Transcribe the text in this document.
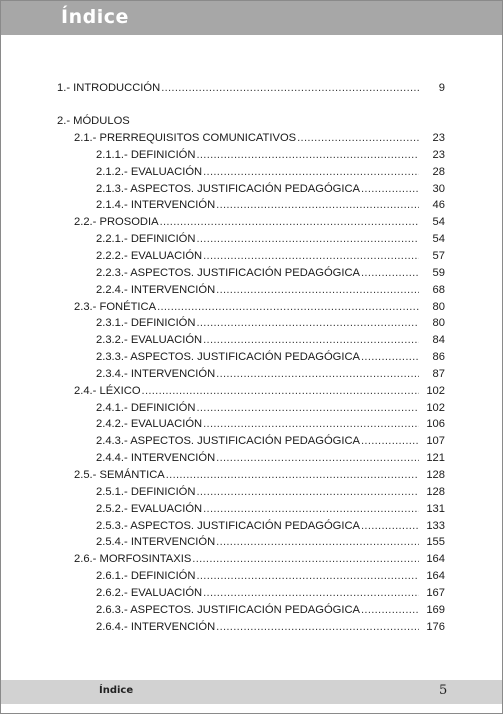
Índice
1.- INTRODUCCIÓN .....	9
2.- MÓDULOS
2.1.- PRERREQUISITOS COMUNICATIVOS .....	23
2.1.1.- DEFINICIÓN .....	23
2.1.2.- EVALUACIÓN .....	28
2.1.3.- ASPECTOS. JUSTIFICACIÓN PEDAGÓGICA .....	30
2.1.4.- INTERVENCIÓN .....	46
2.2.- PROSODIA .....	54
2.2.1.- DEFINICIÓN .....	54
2.2.2.- EVALUACIÓN .....	57
2.2.3.- ASPECTOS. JUSTIFICACIÓN PEDAGÓGICA .....	59
2.2.4.- INTERVENCIÓN .....	68
2.3.- FONÉTICA .....	80
2.3.1.- DEFINICIÓN .....	80
2.3.2.- EVALUACIÓN .....	84
2.3.3.- ASPECTOS. JUSTIFICACIÓN PEDAGÓGICA .....	86
2.3.4.- INTERVENCIÓN .....	87
2.4.- LÉXICO .....	102
2.4.1.- DEFINICIÓN .....	102
2.4.2.- EVALUACIÓN .....	106
2.4.3.- ASPECTOS. JUSTIFICACIÓN PEDAGÓGICA .....	107
2.4.4.- INTERVENCIÓN .....	121
2.5.- SEMÁNTICA .....	128
2.5.1.- DEFINICIÓN .....	128
2.5.2.- EVALUACIÓN .....	131
2.5.3.- ASPECTOS. JUSTIFICACIÓN PEDAGÓGICA .....	133
2.5.4.- INTERVENCIÓN .....	155
2.6.- MORFOSINTAXIS .....	164
2.6.1.- DEFINICIÓN .....	164
2.6.2.- EVALUACIÓN .....	167
2.6.3.- ASPECTOS. JUSTIFICACIÓN PEDAGÓGICA .....	169
2.6.4.- INTERVENCIÓN .....	176
Índice	5
